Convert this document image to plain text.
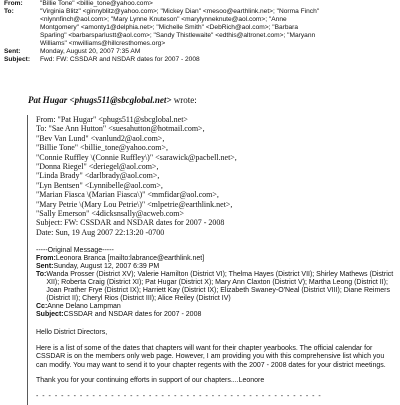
From:	"Billie Tone" <billie_tone@yahoo.com>
To:	"Virginia Blitz" <ginnyblitz@yahoo.com>; "Mickey Dian" <mesoo@earthlink.net>; "Norma Finch"
<nlynnfinch@aol.com>; "Mary Lynne Knuteson" <marylynneknute@aol.com>; "Anne
Montgomery" <amonty1@delphia.net>; "Michelle Smith" <DebRich@aol.com>; "Barbara
Sparling" <barbarsparlustt@aol.com>; "Sandy Thistlewaite" <edthis@altronet.com>; "Maryann
Williams" <mwilliams@hillcresthomes.org>
Sent:	Monday, August 20, 2007 7:35 AM
Subject:	Fwd: FW: CSSDAR and NSDAR dates for 2007 - 2008
Pat Hugar <phugs511@sbcglobal.net> wrote:
From: "Pat Hugar" <phugs511@sbcglobal.net>
To: "Sae Ann Hutton" <suesahutton@hotmail.com>,
"Bev Van Lund" <vanlund2@aol.com>,
"Billie Tone" <billie_tone@yahoo.com>,
"Connie Ruffley \(Connie Ruffley\)" <sarawick@pacbell.net>,
"Donna Riegel" <deriegel@aol.com>,
"Linda Brady" <darlbrady@aol.com>,
"Lyn Bentsen" <Lynnibelle@aol.com>,
"Marian Fiasca \(Marian Fiasca\)" <mmfidar@aol.com>,
"Mary Petrie \(Mary Lou Petrie\)" <mlpetrie@earthlink.net>,
"Sally Emerson" <4dicksnsally@acweb.com>
Subject: FW: CSSDAR and NSDAR dates for 2007 - 2008
Date: Sun, 19 Aug 2007 22:13:20 -0700
-----Original Message-----
From: Leonora Branca [mailto:labrance@earthlink.net]
Sent: Sunday, August 12, 2007 6:39 PM
To: Wanda Prosser (District XV); Valerie Hamilton (District VI); Thelma Hayes (District VII); Shirley Mathews (District XII); Roberta Craig (District XI); Pat Hugar (District X); Mary Ann Claxton (District V); Martha Leong (District II); Joan Prather Frye (District IX); Harriett Kay (District IX); Elizabeth Swaney-O'Neal (District VIII); Diane Reimers (District II); Cheryl Rios (District III); Alice Reiley (District IV)
Cc: Anne Delano Lampman
Subject: CSSDAR and NSDAR dates for 2007 - 2008

Hello District Directors,

Here is a list of some of the dates that chapters will want for their chapter yearbooks. The official calendar for CSSDAR is on the members only web page. However, I am providing you with this comprehensive list which you can modify. You may want to send it to your chapter regents with the 2007 - 2008 dates for your district meetings.

Thank you for your continuing efforts in support of our chapters....Leonore

- - - - - - - - - - - - - - - - - - - - - - - - - - - - - - - - - - - - - - - - - - - - - -
